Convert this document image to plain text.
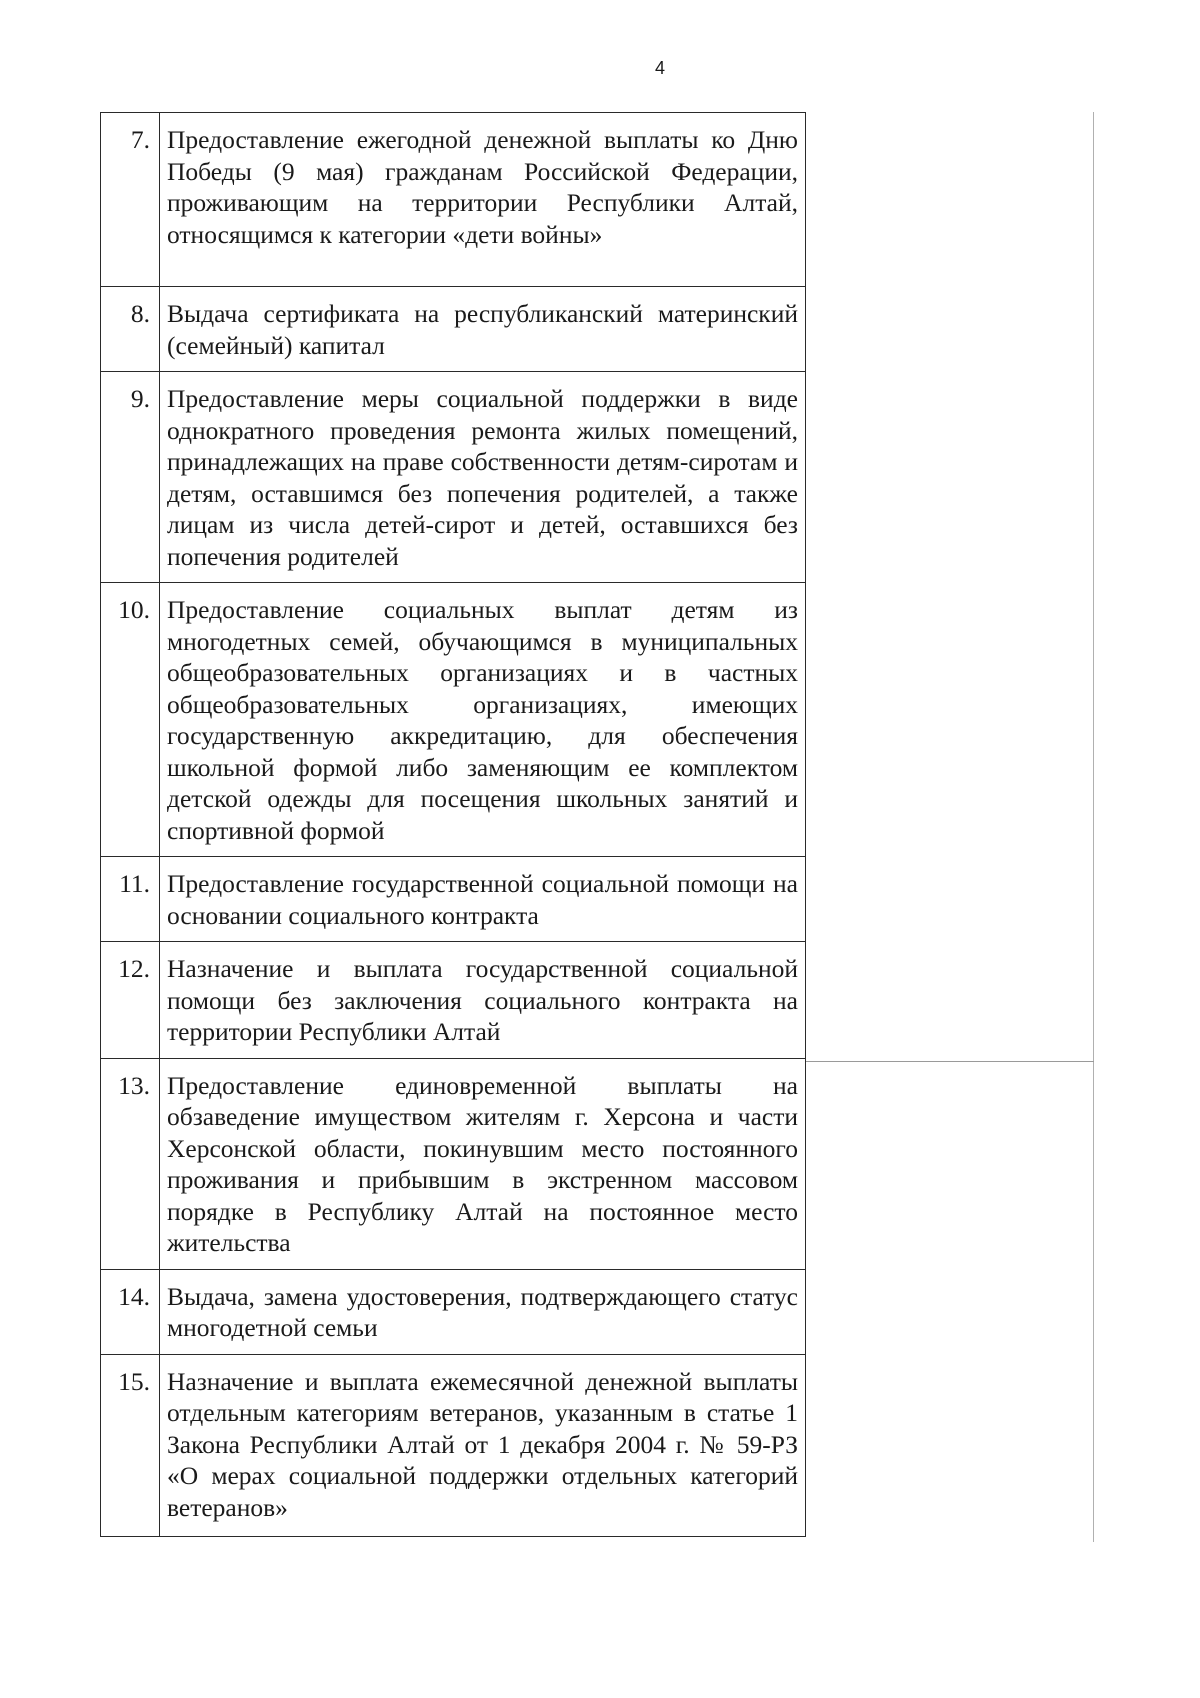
4
7.	Предоставление ежегодной денежной выплаты ко Дню Победы (9 мая) гражданам Российской Федерации, проживающим на территории Республики Алтай, относящимся к категории «дети войны»
8.	Выдача сертификата на республиканский материнский (семейный) капитал
9.	Предоставление меры социальной поддержки в виде однократного проведения ремонта жилых помещений, принадлежащих на праве собственности детям-сиротам и детям, оставшимся без попечения родителей, а также лицам из числа детей-сирот и детей, оставшихся без попечения родителей
10.	Предоставление социальных выплат детям из многодетных семей, обучающимся в муниципальных общеобразовательных организациях и в частных общеобразовательных организациях, имеющих государственную аккредитацию, для обеспечения школьной формой либо заменяющим ее комплектом детской одежды для посещения школьных занятий и спортивной формой
11.	Предоставление государственной социальной помощи на основании социального контракта
12.	Назначение и выплата государственной социальной помощи без заключения социального контракта на территории Республики Алтай
13.	Предоставление единовременной выплаты на обзаведение имуществом жителям г. Херсона и части Херсонской области, покинувшим место постоянного проживания и прибывшим в экстренном массовом порядке в Республику Алтай на постоянное место жительства
14.	Выдача, замена удостоверения, подтверждающего статус многодетной семьи
15.	Назначение и выплата ежемесячной денежной выплаты отдельным категориям ветеранов, указанным в статье 1 Закона Республики Алтай от 1 декабря 2004 г. № 59-РЗ «О мерах социальной поддержки отдельных категорий ветеранов»
